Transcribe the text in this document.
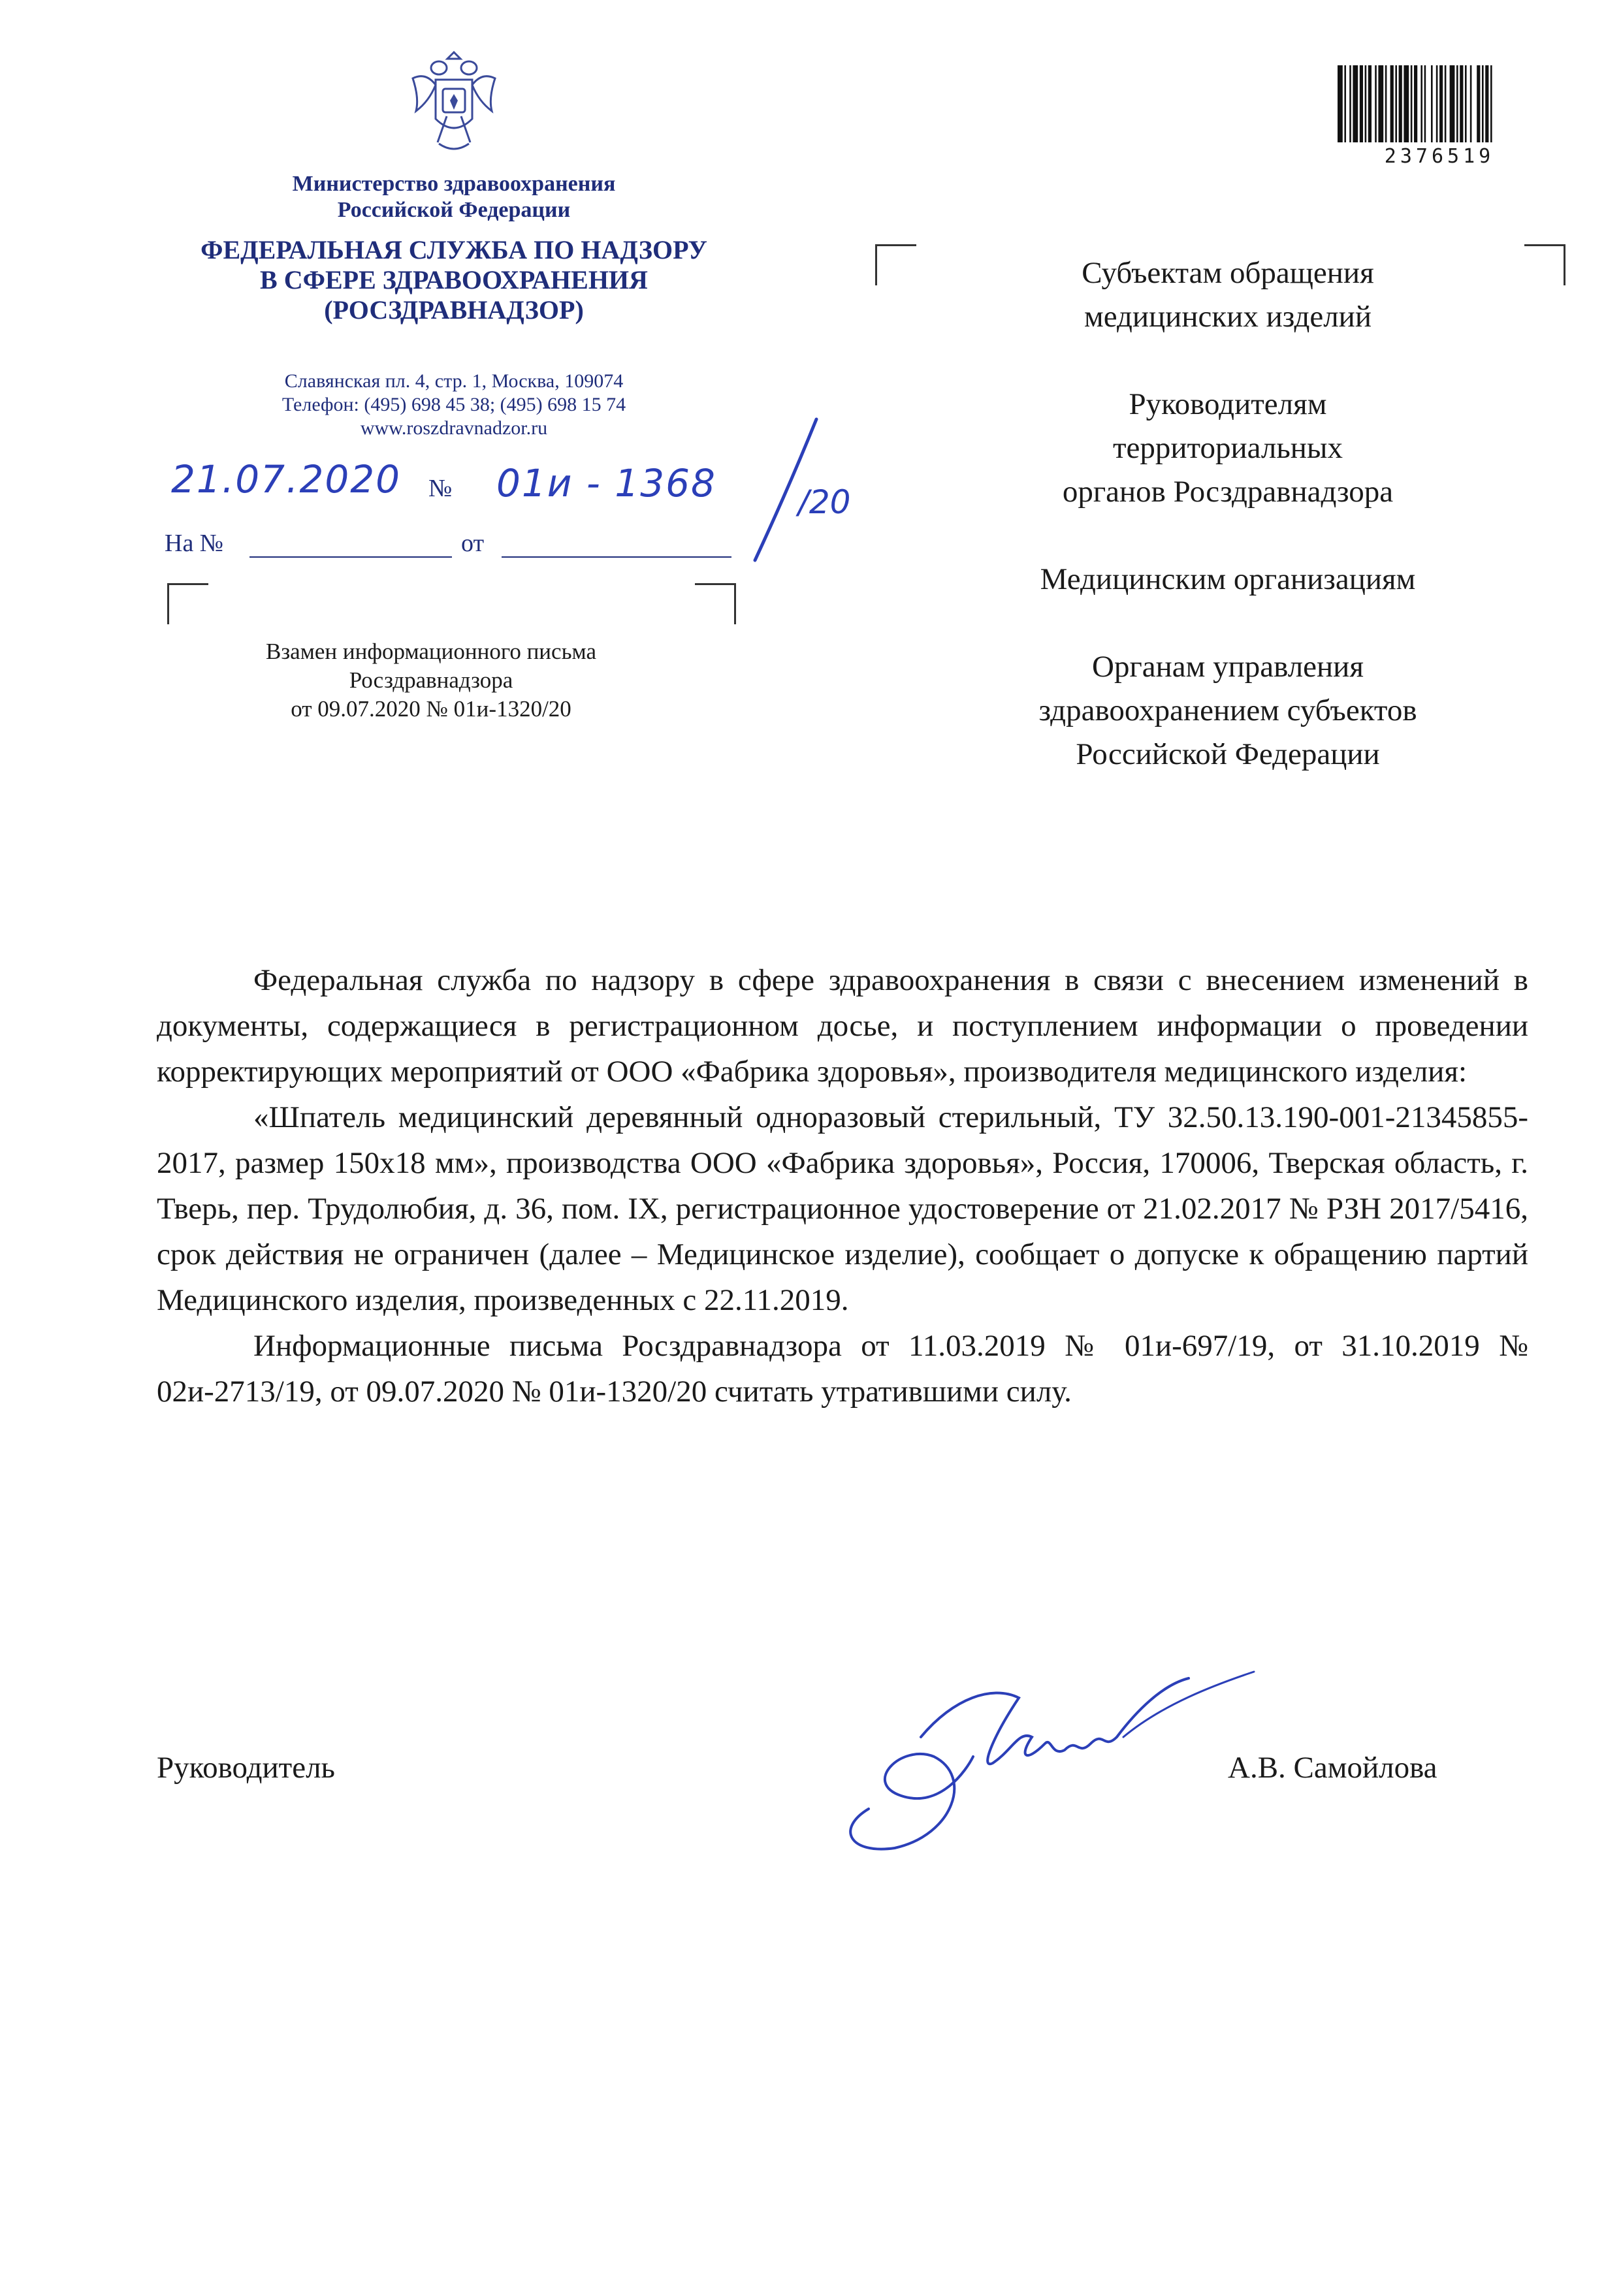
Министерство здравоохранения
Российской Федерации
ФЕДЕРАЛЬНАЯ СЛУЖБА ПО НАДЗОРУ
В СФЕРЕ ЗДРАВООХРАНЕНИЯ
(РОСЗДРАВНАДЗОР)
Славянская пл. 4, стр. 1, Москва, 109074
Телефон: (495) 698 45 38; (495) 698 15 74
www.roszdravnadzor.ru
21.07.2020 № 01и - 1368	/20
На №	от
Взамен информационного письма
Росздравнадзора
от 09.07.2020 № 01и-1320/20
2376519

Субъектам обращения
медицинских изделий

Руководителям
территориальных
органов Росздравнадзора

Медицинским организациям

Органам управления
здравоохранением субъектов
Российской Федерации

Федеральная служба по надзору в сфере здравоохранения в связи с внесением изменений в документы, содержащиеся в регистрационном досье, и поступлением информации о проведении корректирующих мероприятий от ООО «Фабрика здоровья», производителя медицинского изделия:

«Шпатель медицинский деревянный одноразовый стерильный, ТУ 32.50.13.190-001-21345855-2017, размер 150х18 мм», производства ООО «Фабрика здоровья», Россия, 170006, Тверская область, г. Тверь, пер. Трудолюбия, д. 36, пом. IX, регистрационное удостоверение от 21.02.2017 № РЗН 2017/5416, срок действия не ограничен (далее – Медицинское изделие), сообщает о допуске к обращению партий Медицинского изделия, произведенных с 22.11.2019.

Информационные письма Росздравнадзора от 11.03.2019 № 01и-697/19, от 31.10.2019 № 02и-2713/19, от 09.07.2020 № 01и-1320/20 считать утратившими силу.

Руководитель	А.В. Самойлова
